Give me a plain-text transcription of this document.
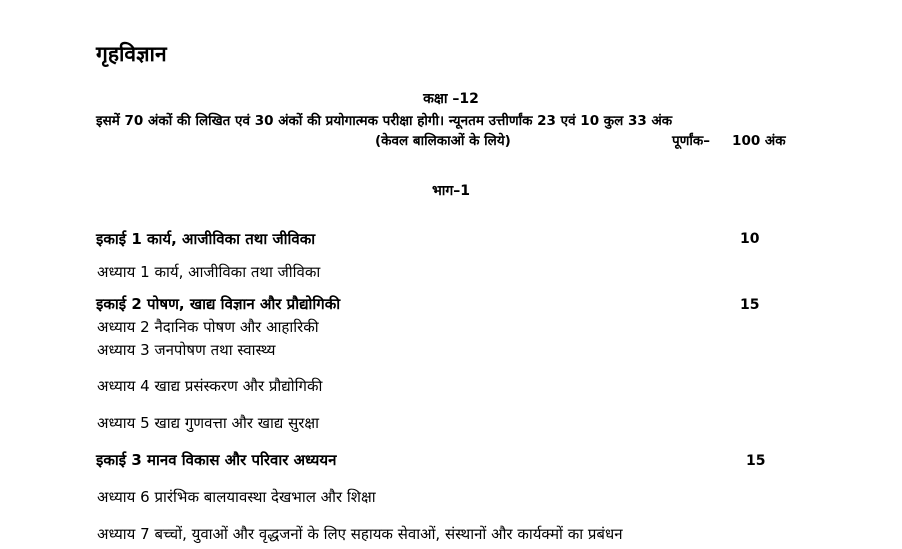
गृहविज्ञान
कक्षा –12
इसमें 70 अंकों की लिखित एवं 30 अंकों की प्रयोगात्मक परीक्षा होगी। न्यूनतम उत्तीर्णांक 23 एवं 10 कुल 33 अंक
(केवल बालिकाओं के लिये)	पूर्णांक– 100 अंक
भाग–1
इकाई 1 कार्य, आजीविका तथा जीविका	10
अध्याय 1 कार्य, आजीविका तथा जीविका
इकाई 2 पोषण, खाद्य विज्ञान और प्रौद्योगिकी	15
अध्याय 2 नैदानिक पोषण और आहारिकी
अध्याय 3 जनपोषण तथा स्वास्थ्य
अध्याय 4 खाद्य प्रसंस्करण और प्रौद्योगिकी
अध्याय 5 खाद्य गुणवत्ता और खाद्य सुरक्षा
इकाई 3 मानव विकास और परिवार अध्ययन	15
अध्याय 6 प्रारंभिक बालयावस्था देखभाल और शिक्षा
अध्याय 7 बच्चों, युवाओं और वृद्धजनों के लिए सहायक सेवाओं, संस्थानों और कार्यक्मों का प्रबंधन
